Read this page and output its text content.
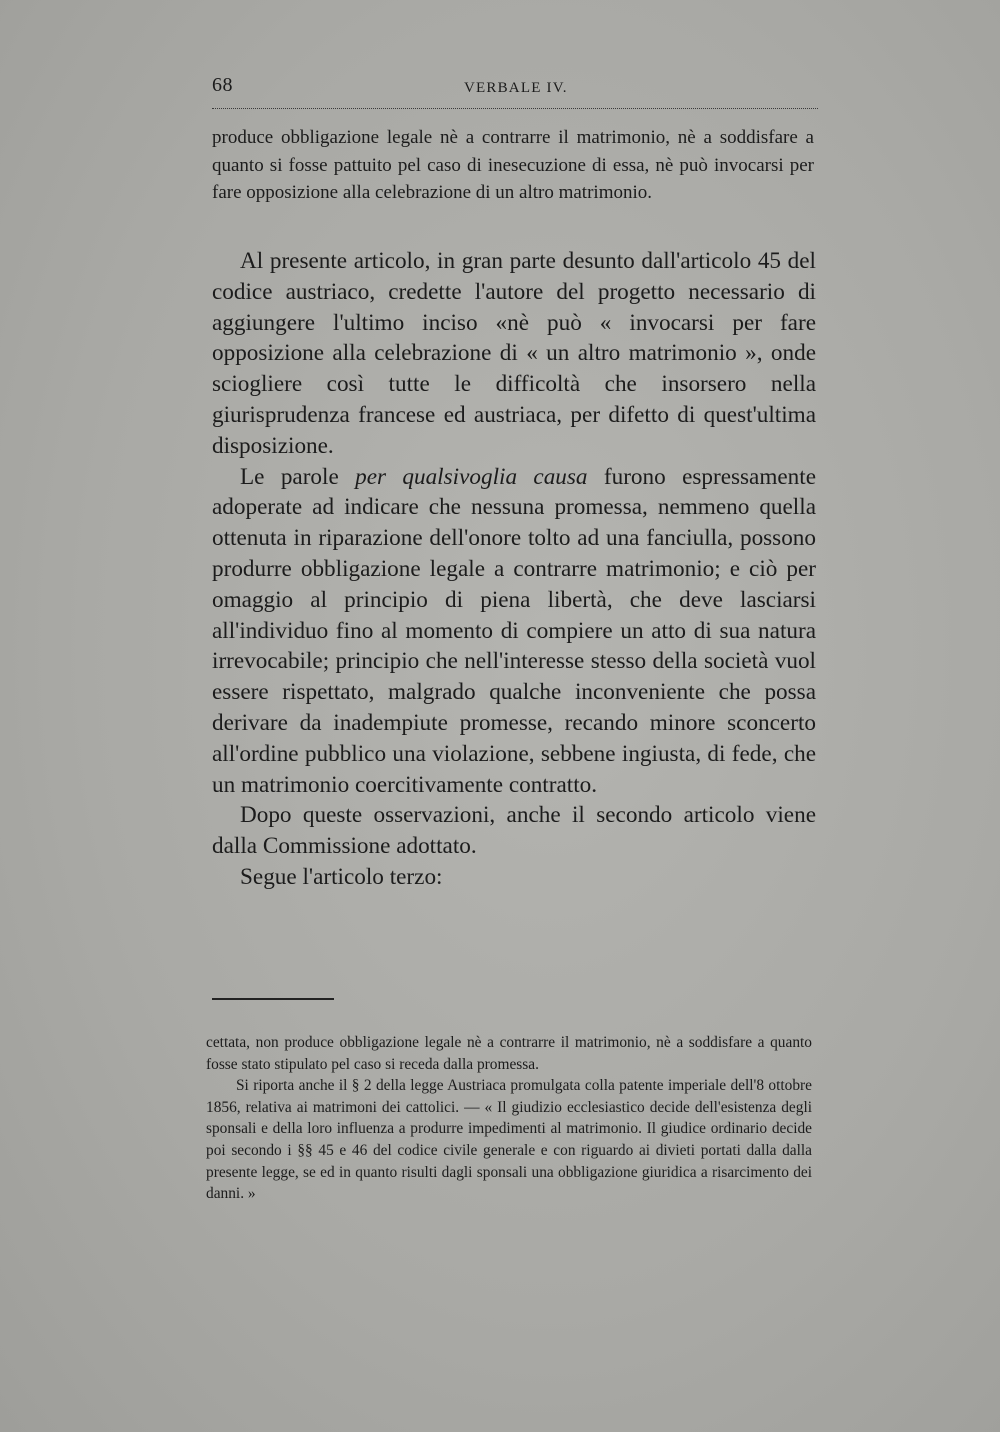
68	VERBALE IV.

produce obbligazione legale nè a contrarre il matrimonio, nè a soddisfare a quanto si fosse pattuito pel caso di inesecuzione di essa, nè può invocarsi per fare opposizione alla celebrazione di un altro matrimonio.

Al presente articolo, in gran parte desunto dall'articolo 45 del codice austriaco, credette l'autore del progetto necessario di aggiungere l'ultimo inciso «nè può « invocarsi per fare opposizione alla celebrazione di « un altro matrimonio », onde sciogliere così tutte le difficoltà che insorsero nella giurisprudenza francese ed austriaca, per difetto di quest'ultima disposizione.

Le parole per qualsivoglia causa furono espressamente adoperate ad indicare che nessuna promessa, nemmeno quella ottenuta in riparazione dell'onore tolto ad una fanciulla, possono produrre obbligazione legale a contrarre matrimonio; e ciò per omaggio al principio di piena libertà, che deve lasciarsi all'individuo fino al momento di compiere un atto di sua natura irrevocabile; principio che nell'interesse stesso della società vuol essere rispettato, malgrado qualche inconveniente che possa derivare da inadempiute promesse, recando minore sconcerto all'ordine pubblico una violazione, sebbene ingiusta, di fede, che un matrimonio coercitivamente contratto.

Dopo queste osservazioni, anche il secondo articolo viene dalla Commissione adottato.

Segue l'articolo terzo:

cettata, non produce obbligazione legale nè a contrarre il matrimonio, nè a soddisfare a quanto fosse stato stipulato pel caso si receda dalla promessa.

Si riporta anche il § 2 della legge Austriaca promulgata colla patente imperiale dell'8 ottobre 1856, relativa ai matrimoni dei cattolici. — « Il giudizio ecclesiastico decide dell'esistenza degli sponsali e della loro influenza a produrre impedimenti al matrimonio. Il giudice ordinario decide poi secondo i §§ 45 e 46 del codice civile generale e con riguardo ai divieti portati dalla dalla presente legge, se ed in quanto risulti dagli sponsali una obbligazione giuridica a risarcimento dei danni. »
